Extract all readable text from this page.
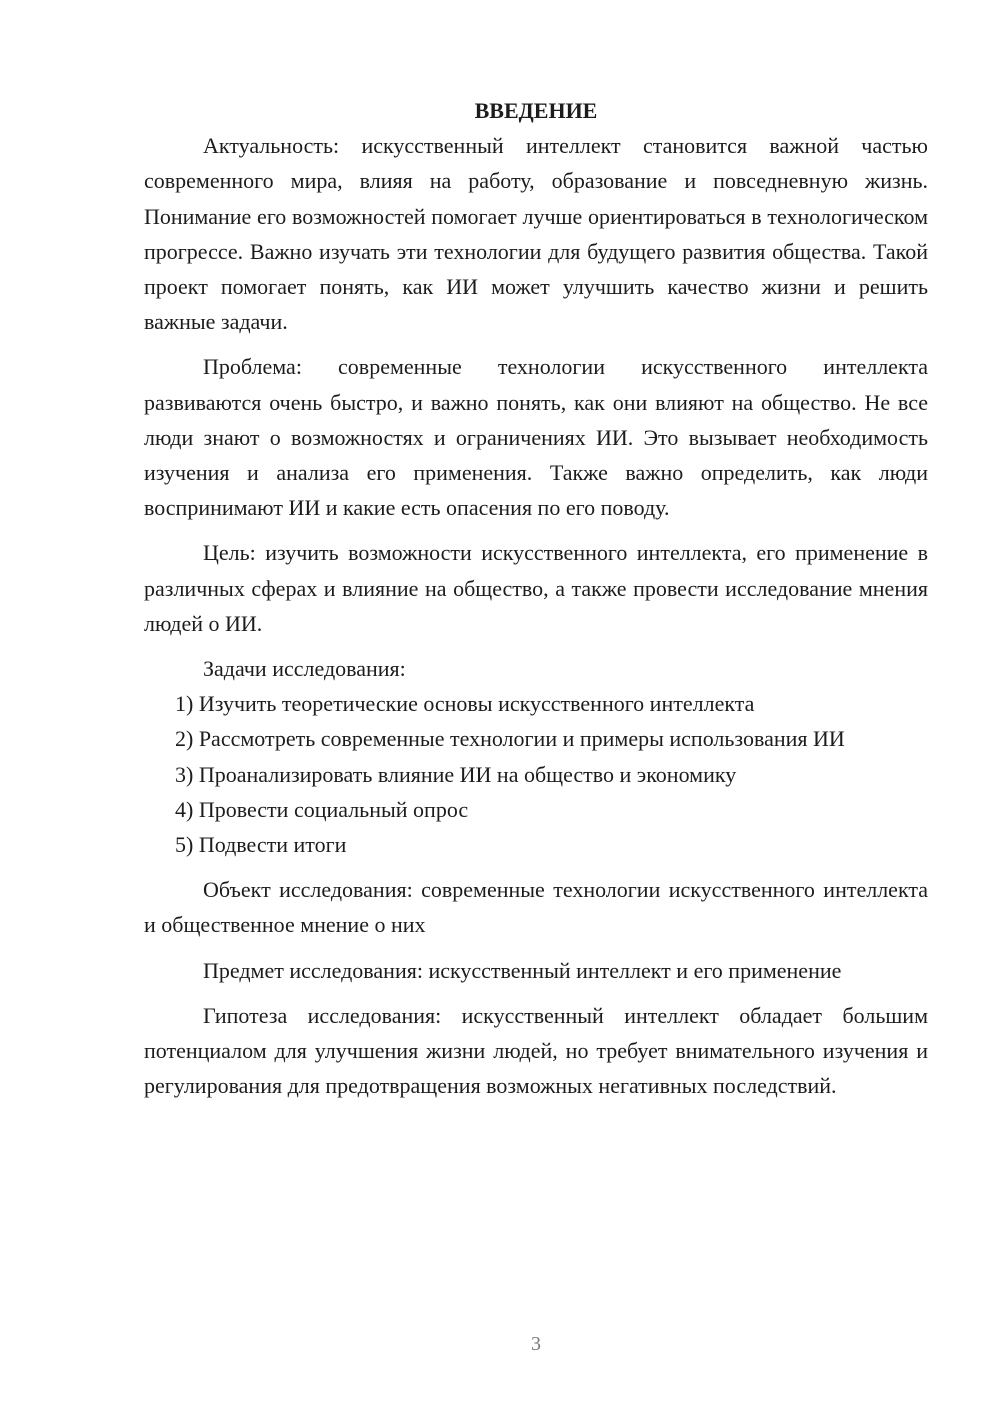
ВВЕДЕНИЕ

Актуальность: искусственный интеллект становится важной частью современного мира, влияя на работу, образование и повседневную жизнь. Понимание его возможностей помогает лучше ориентироваться в технологическом прогрессе. Важно изучать эти технологии для будущего развития общества. Такой проект помогает понять, как ИИ может улучшить качество жизни и решить важные задачи.

Проблема: современные технологии искусственного интеллекта развиваются очень быстро, и важно понять, как они влияют на общество. Не все люди знают о возможностях и ограничениях ИИ. Это вызывает необходимость изучения и анализа его применения. Также важно определить, как люди воспринимают ИИ и какие есть опасения по его поводу.

Цель: изучить возможности искусственного интеллекта, его применение в различных сферах и влияние на общество, а также провести исследование мнения людей о ИИ.

Задачи исследования:

1) Изучить теоретические основы искусственного интеллекта

2) Рассмотреть современные технологии и примеры использования ИИ

3) Проанализировать влияние ИИ на общество и экономику

4) Провести социальный опрос

5) Подвести итоги

Объект исследования: современные технологии искусственного интеллекта и общественное мнение о них

Предмет исследования: искусственный интеллект и его применение

Гипотеза исследования: искусственный интеллект обладает большим потенциалом для улучшения жизни людей, но требует внимательного изучения и регулирования для предотвращения возможных негативных последствий.

3
